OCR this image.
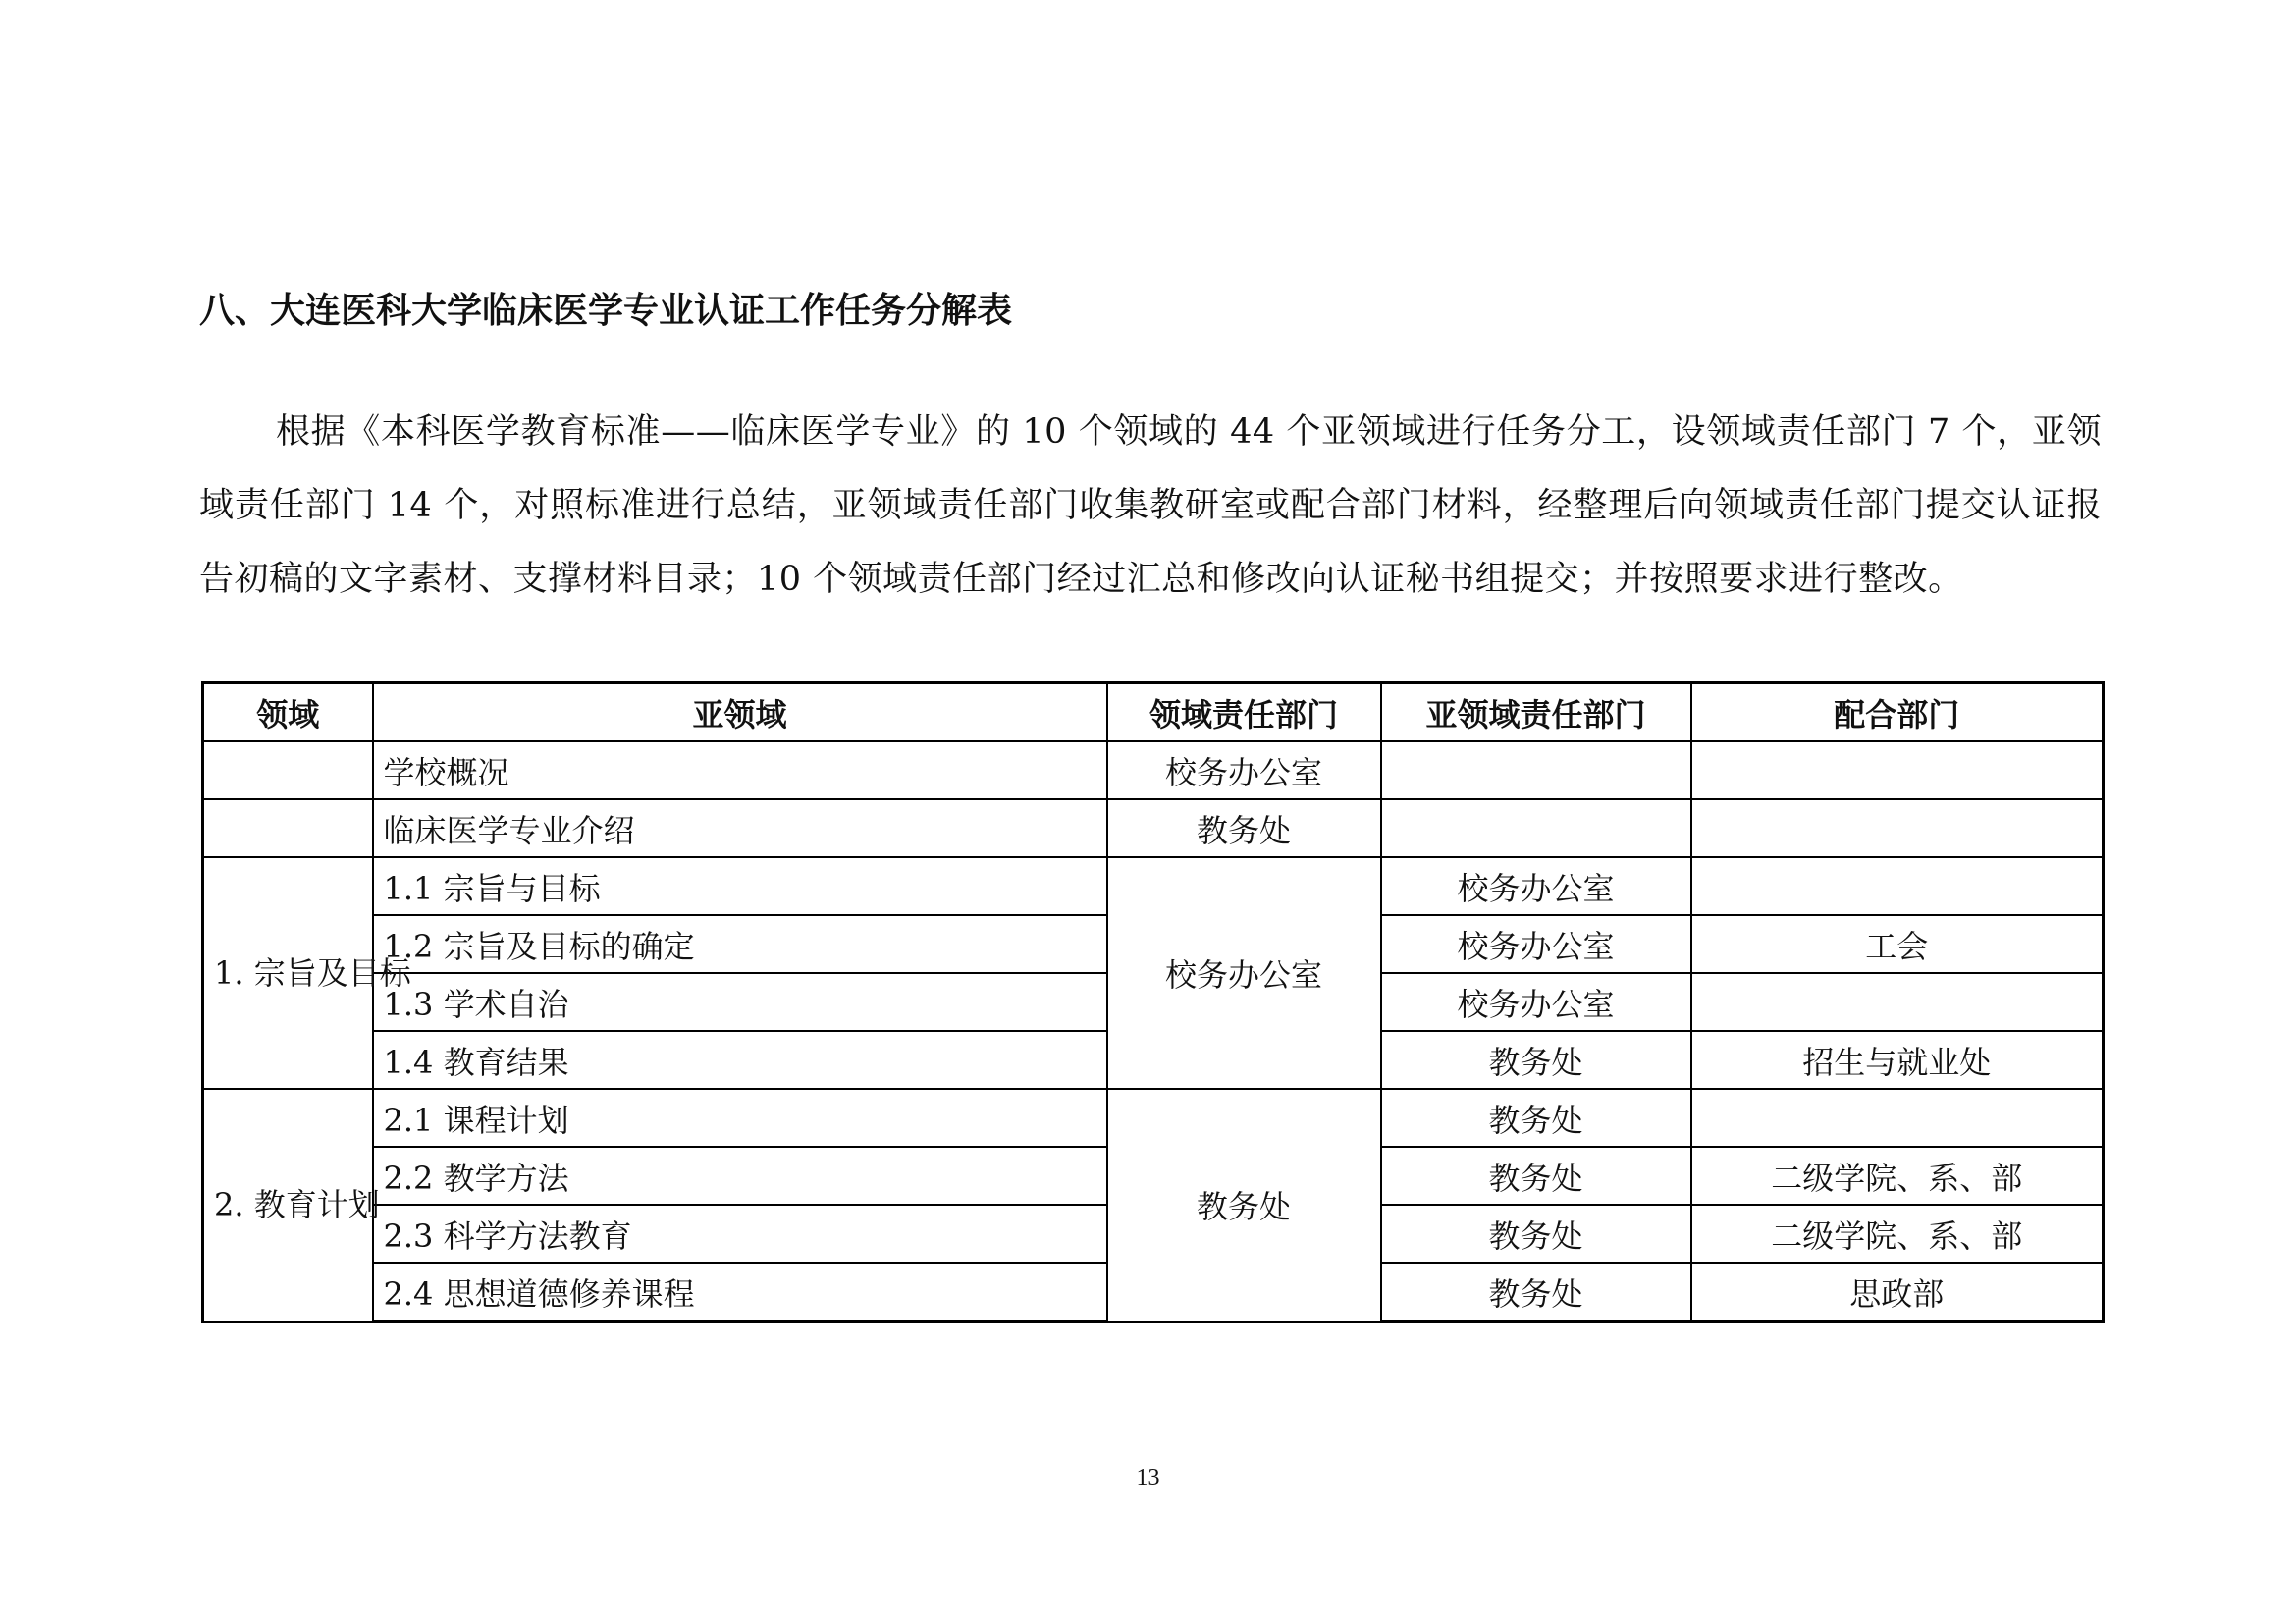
八、大连医科大学临床医学专业认证工作任务分解表

根据《本科医学教育标准——临床医学专业》的 10 个领域的 44 个亚领域进行任务分工，设领域责任部门 7 个，亚领域责任部门 14 个，对照标准进行总结，亚领域责任部门收集教研室或配合部门材料，经整理后向领域责任部门提交认证报告初稿的文字素材、支撑材料目录；10 个领域责任部门经过汇总和修改向认证秘书组提交；并按照要求进行整改。

领域	亚领域	领域责任部门	亚领域责任部门	配合部门
	学校概况	校务办公室		
	临床医学专业介绍	教务处		
1. 宗旨及目标	1.1 宗旨与目标	校务办公室	校务办公室	
	1.2 宗旨及目标的确定		校务办公室	工会
	1.3 学术自治		校务办公室	
	1.4 教育结果		教务处	招生与就业处
2. 教育计划	2.1 课程计划	教务处	教务处	
	2.2 教学方法		教务处	二级学院、系、部
	2.3 科学方法教育		教务处	二级学院、系、部
	2.4 思想道德修养课程		教务处	思政部
13
